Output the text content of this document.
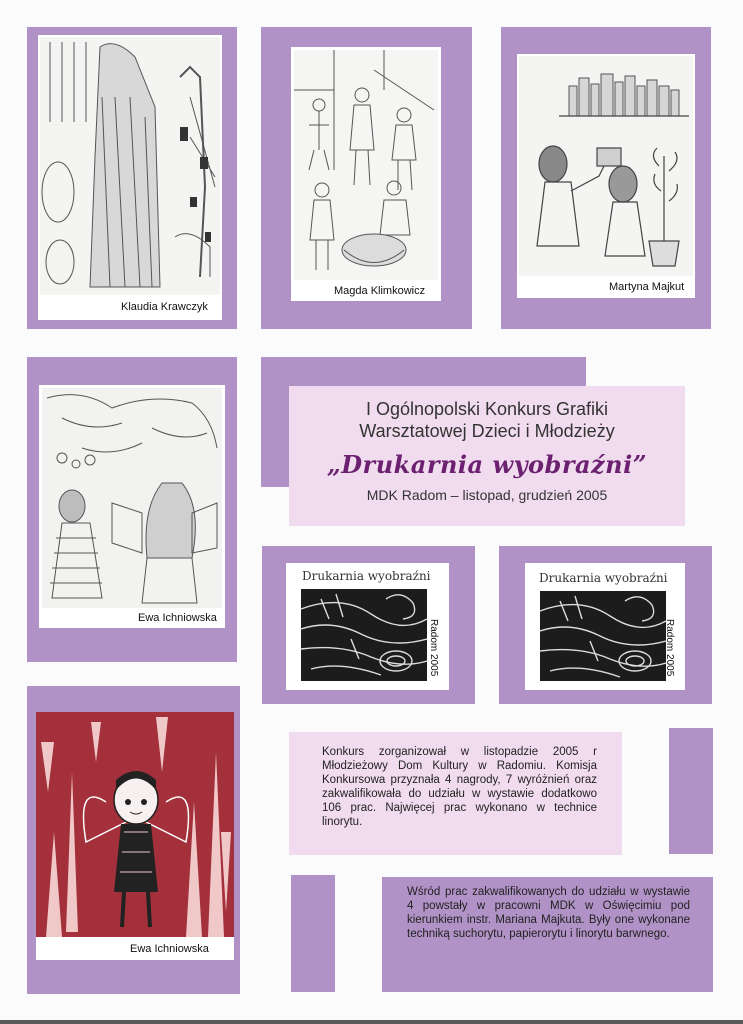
Klaudia Krawczyk
Magda Klimkowicz	Martyna Majkut
Ewa Ichniowska
I Ogólnopolski Konkurs Grafiki
Warsztatowej Dzieci i Młodzieży
„Drukarnia wyobraźni”
MDK Radom – listopad, grudzień 2005
Drukarnia wyobraźni
Radom 2005
Drukarnia wyobraźni
Radom 2005
Ewa Ichniowska
Konkurs zorganizował w listopadzie 2005 r Młodzieżowy Dom Kultury w Radomiu. Komisja Konkursowa przyznała 4 nagrody, 7 wyróżnień oraz zakwalifikowała do udziału w wystawie dodatkowo 106 prac. Najwięcej prac wykonano w technice linorytu.
Wśród prac zakwalifikowanych do udziału w wystawie 4 powstały w pracowni MDK w Oświęcimiu pod kierunkiem instr. Mariana Majkuta. Były one wykonane techniką suchorytu, papierorytu i linorytu barwnego.
